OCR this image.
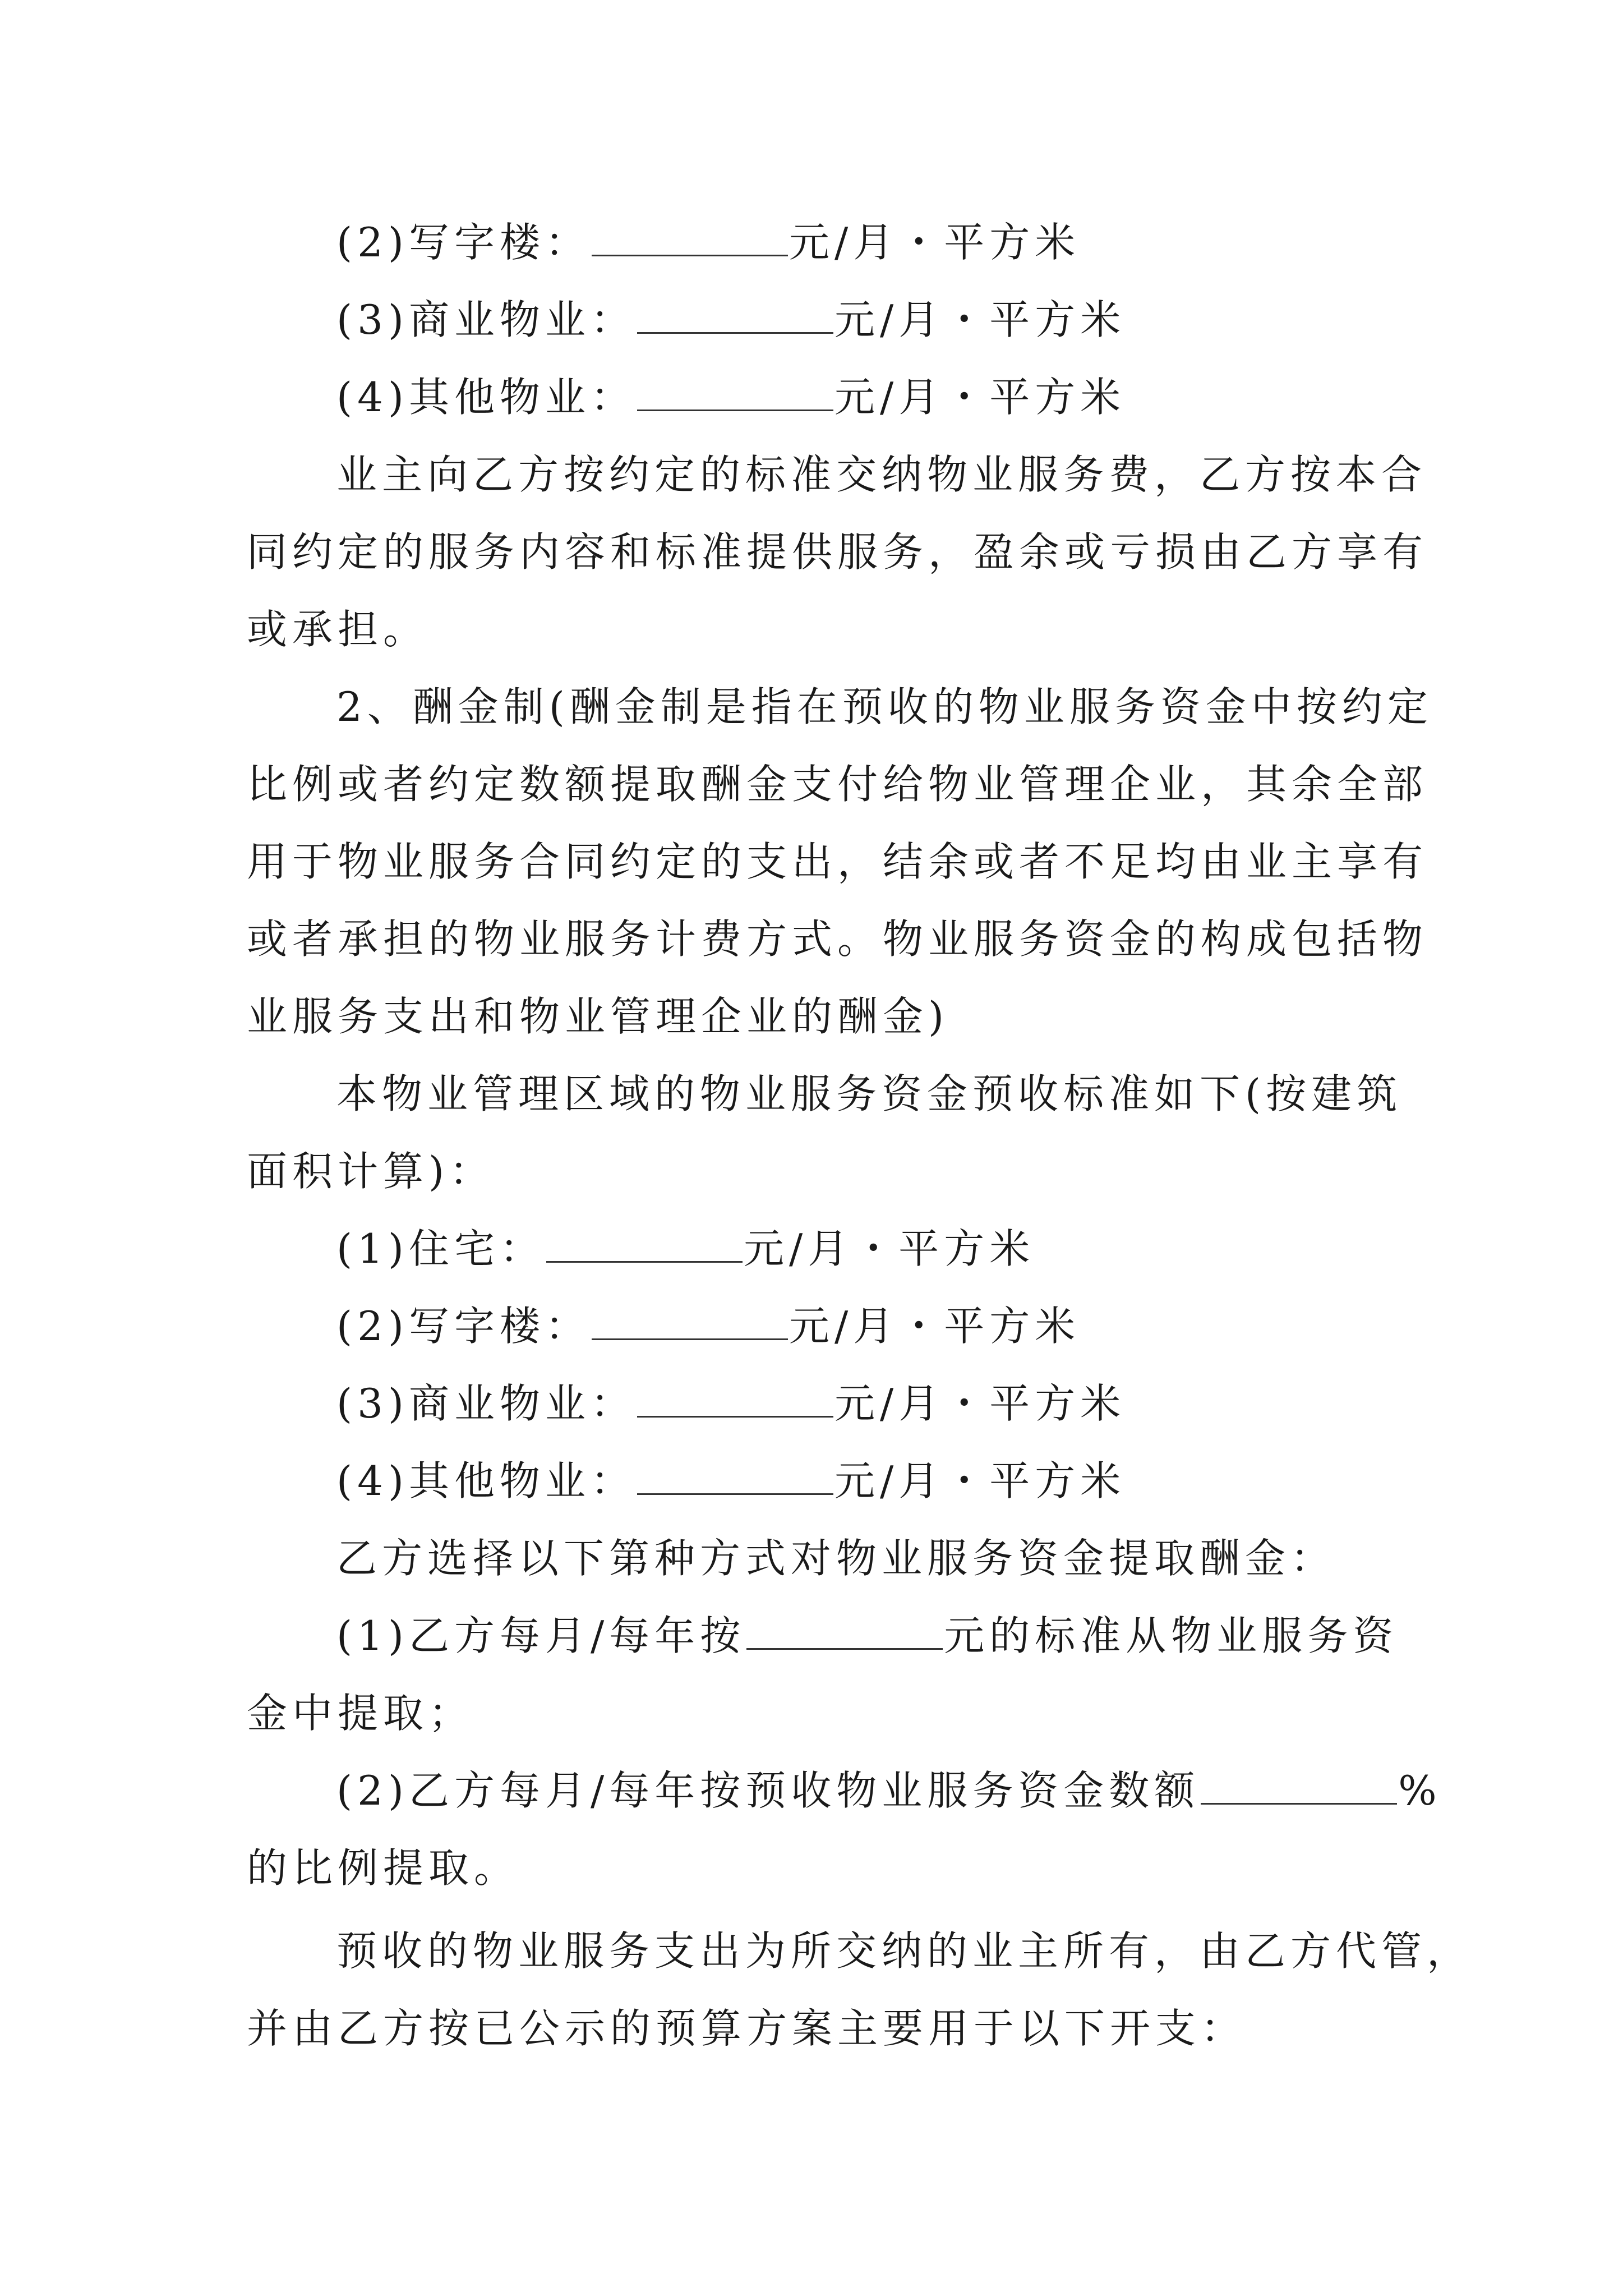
(2)写字楼：	元/月・平方米
(3)商业物业：	元/月・平方米
(4)其他物业：	元/月・平方米
业主向乙方按约定的标准交纳物业服务费，乙方按本合
同约定的服务内容和标准提供服务，盈余或亏损由乙方享有
或承担。
2、酬金制(酬金制是指在预收的物业服务资金中按约定
比例或者约定数额提取酬金支付给物业管理企业，其余全部
用于物业服务合同约定的支出，结余或者不足均由业主享有
或者承担的物业服务计费方式。物业服务资金的构成包括物
业服务支出和物业管理企业的酬金)
本物业管理区域的物业服务资金预收标准如下(按建筑
面积计算)：
(1)住宅：	元/月・平方米
(2)写字楼：	元/月・平方米
(3)商业物业：	元/月・平方米
(4)其他物业：	元/月・平方米
乙方选择以下第种方式对物业服务资金提取酬金：
(1)乙方每月/每年按	元的标准从物业服务资
金中提取；
(2)乙方每月/每年按预收物业服务资金数额	%
的比例提取。
预收的物业服务支出为所交纳的业主所有，由乙方代管，
并由乙方按已公示的预算方案主要用于以下开支：
